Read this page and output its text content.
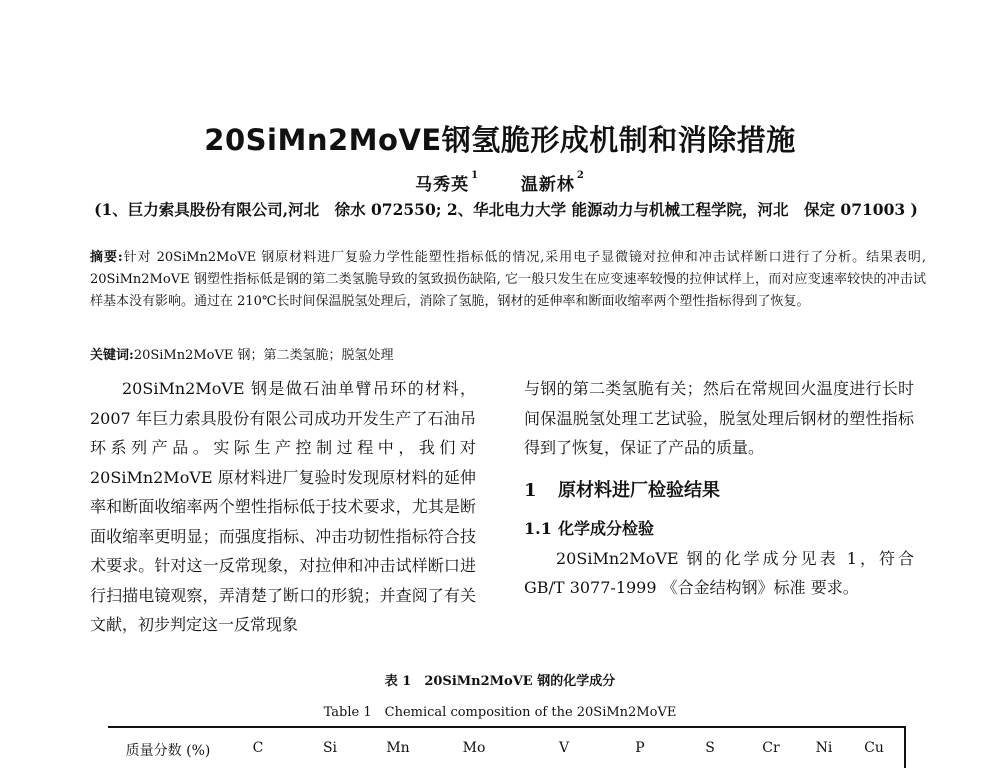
20SiMn2MoVE钢氢脆形成机制和消除措施
马秀英 $^1$ 温新林 $^2$
(1、巨力索具股份有限公司,河北　徐水 072550; 2、华北电力大学 能源动力与机械工程学院，河北　保定 071003 )
摘要:针对 20SiMn2MoVE 钢原材料进厂复验力学性能塑性指标低的情况,采用电子显微镜对拉伸和冲击试样断口进行了分析。结果表明, 20SiMn2MoVE 钢塑性指标低是钢的第二类氢脆导致的氢致损伤缺陷, 它一般只发生在应变速率较慢的拉伸试样上，而对应变速率较快的冲击试样基本没有影响。通过在 210℃长时间保温脱氢处理后，消除了氢脆，钢材的延伸率和断面收缩率两个塑性指标得到了恢复。
关键词:20SiMn2MoVE 钢；第二类氢脆；脱氢处理

20SiMn2MoVE 钢是做石油单臂吊环的材料，2007 年巨力索具股份有限公司成功开发生产了石油吊环系列产品。实际生产控制过程中，我们对 20SiMn2MoVE 原材料进厂复验时发现原材料的延伸率和断面收缩率两个塑性指标低于技术要求，尤其是断面收缩率更明显；而强度指标、冲击功韧性指标符合技术要求。针对这一反常现象，对拉伸和冲击试样断口进行扫描电镜观察，弄清楚了断口的形貌；并查阅了有关文献，初步判定这一反常现象

与钢的第二类氢脆有关；然后在常规回火温度进行长时间保温脱氢处理工艺试验，脱氢处理后钢材的塑性指标得到了恢复，保证了产品的质量。

1 原材料进厂检验结果

1.1 化学成分检验

20SiMn2MoVE 钢的化学成分见表 1，符合 GB/T 3077-1999 《合金结构钢》标准 要求。

表 1　20SiMn2MoVE 钢的化学成分
Table 1　Chemical composition of the 20SiMn2MoVE
质量分数 (%)	C	Si	Mn	Mo	V	P	S	Cr	Ni Cu
